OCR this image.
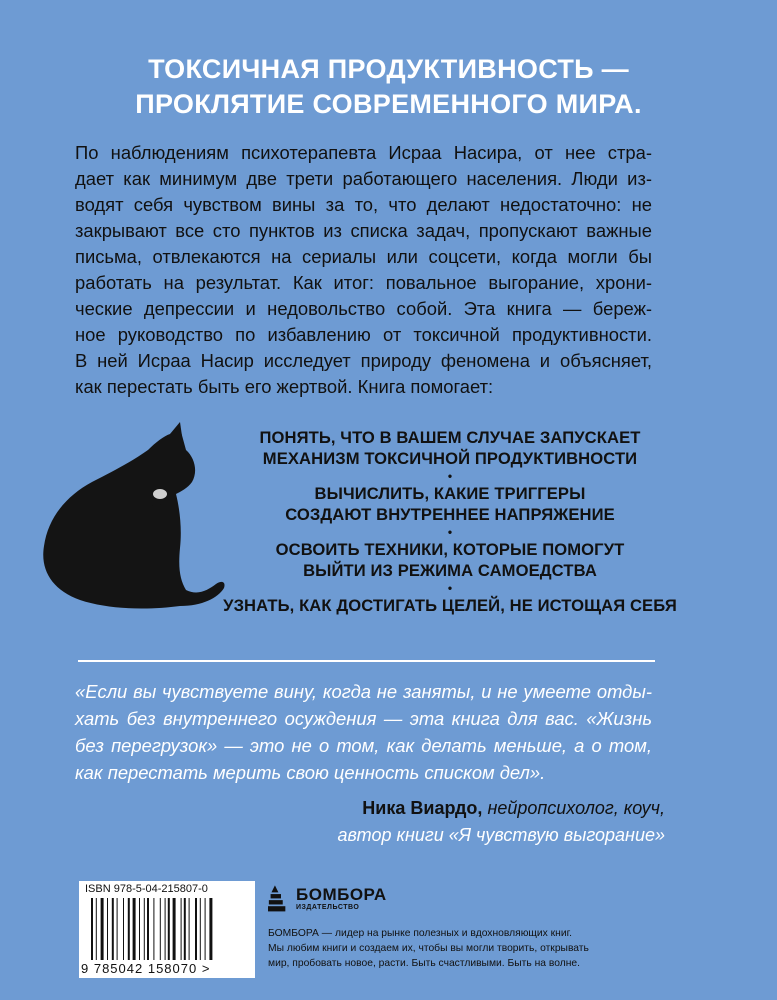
ТОКСИЧНАЯ ПРОДУКТИВНОСТЬ —
ПРОКЛЯТИЕ СОВРЕМЕННОГО МИРА.
По наблюдениям психотерапевта Исраа Насира, от нее стра-
дает как минимум две трети работающего населения. Люди из-
водят себя чувством вины за то, что делают недостаточно: не
закрывают все сто пунктов из списка задач, пропускают важные
письма, отвлекаются на сериалы или соцсети, когда могли бы
работать на результат. Как итог: повальное выгорание, хрони-
ческие депрессии и недовольство собой. Эта книга — береж-
ное руководство по избавлению от токсичной продуктивности.
В ней Исраа Насир исследует природу феномена и объясняет,
как перестать быть его жертвой. Книга помогает:
ПОНЯТЬ, ЧТО В ВАШЕМ СЛУЧАЕ ЗАПУСКАЕТ
МЕХАНИЗМ ТОКСИЧНОЙ ПРОДУКТИВНОСТИ
•
ВЫЧИСЛИТЬ, КАКИЕ ТРИГГЕРЫ
СОЗДАЮТ ВНУТРЕННЕЕ НАПРЯЖЕНИЕ
•
ОСВОИТЬ ТЕХНИКИ, КОТОРЫЕ ПОМОГУТ
ВЫЙТИ ИЗ РЕЖИМА САМОЕДСТВА
•
УЗНАТЬ, КАК ДОСТИГАТЬ ЦЕЛЕЙ, НЕ ИСТОЩАЯ СЕБЯ
«Если вы чувствуете вину, когда не заняты, и не умеете отды-
хать без внутреннего осуждения — эта книга для вас. «Жизнь
без перегрузок» — это не о том, как делать меньше, а о том,
как перестать мерить свою ценность списком дел».
Ника Виардо, нейропсихолог, коуч,
автор книги «Я чувствую выгорание»
ISBN 978-5-04-215807-0
9 785042 158070 >
БОМБОРА
ИЗДАТЕЛЬСТВО
БОМБОРА — лидер на рынке полезных и вдохновляющих книг.
Мы любим книги и создаем их, чтобы вы могли творить, открывать
мир, пробовать новое, расти. Быть счастливыми. Быть на волне.
